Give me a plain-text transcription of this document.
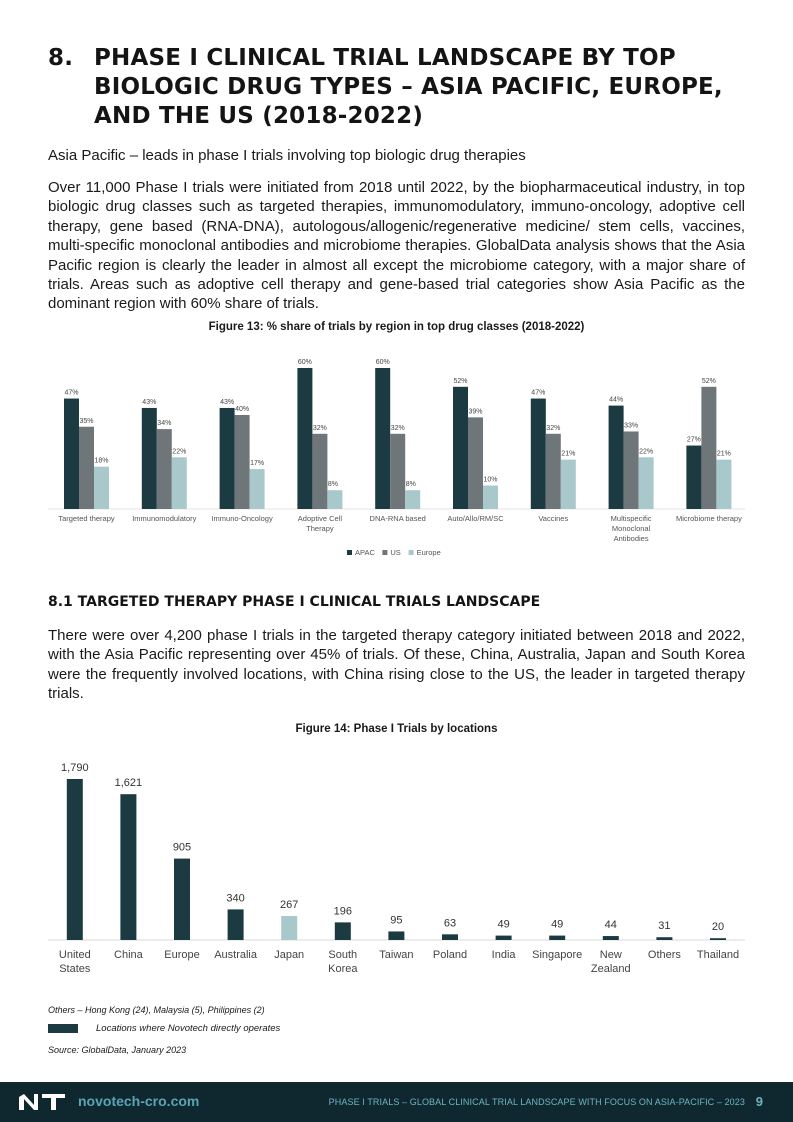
8. PHASE I CLINICAL TRIAL LANDSCAPE BY TOP BIOLOGIC DRUG TYPES – ASIA PACIFIC, EUROPE, AND THE US (2018-2022)
Asia Pacific – leads in phase I trials involving top biologic drug therapies
Over 11,000 Phase I trials were initiated from 2018 until 2022, by the biopharmaceutical industry, in top biologic drug classes such as targeted therapies, immunomodulatory, immuno-oncology, adoptive cell therapy, gene based (RNA-DNA), autologous/allogenic/regenerative medicine/ stem cells, vaccines, multi-specific monoclonal antibodies and microbiome therapies. GlobalData analysis shows that the Asia Pacific region is clearly the leader in almost all except the microbiome category, with a major share of trials. Areas such as adoptive cell therapy and gene-based trial categories show Asia Pacific as the dominant region with 60% share of trials.
Figure 13: % share of trials by region in top drug classes (2018-2022)
47%
35%
18%
Targeted therapy
43%
34%
22%
Immunomodulatory
43%
40%
17%
Immuno-Oncology
60%
32%
8%
Adoptive Cell
Therapy
60%
32%
8%
DNA-RNA based
52%
39%
10%
Auto/Allo/RM/SC
47%
32%
21%
Vaccines
44%
33%
22%
Multispecific
Monoclonal
Antibodies
27%
52%
21%
Microbiome therapy
APAC US Europe
8.1 TARGETED THERAPY PHASE I CLINICAL TRIALS LANDSCAPE
There were over 4,200 phase I trials in the targeted therapy category initiated between 2018 and 2022, with the Asia Pacific representing over 45% of trials. Of these, China, Australia, Japan and South Korea were the frequently involved locations, with China rising close to the US, the leader in targeted therapy trials.
Figure 14: Phase I Trials by locations
1,790
United
States
1,621
China
905
Europe
340
Australia
267
Japan
196
South
Korea
95
Taiwan
63
Poland
49
India
49
Singapore
44
New
Zealand
31
Others
20
Thailand
Others – Hong Kong (24), Malaysia (5), Philippines (2)
Locations where Novotech directly operates
Source: GlobalData, January 2023
novotech-cro.com	PHASE I TRIALS – GLOBAL CLINICAL TRIAL LANDSCAPE WITH FOCUS ON ASIA-PACIFIC – 2023 9
